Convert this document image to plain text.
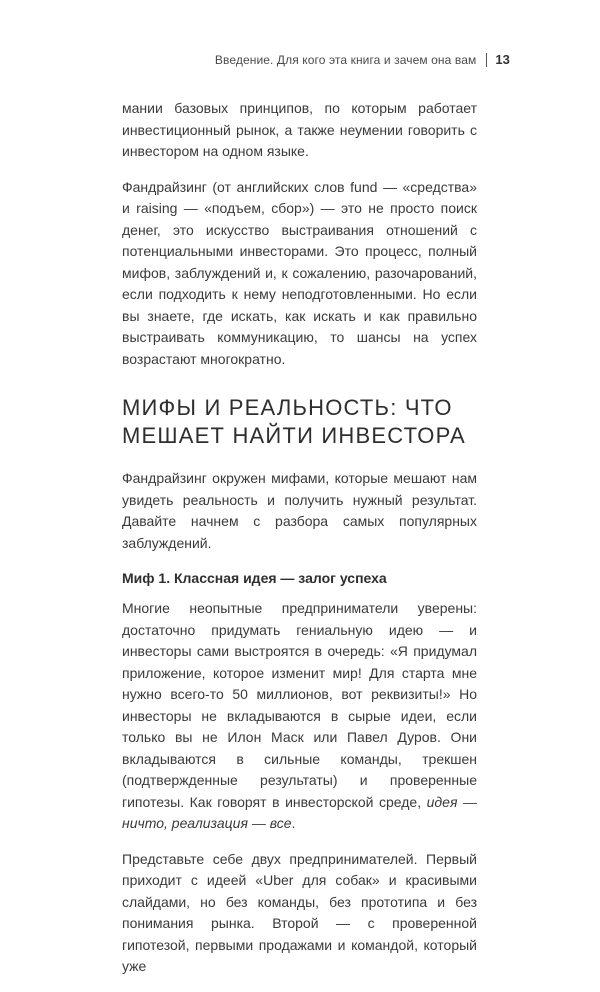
Введение. Для кого эта книга и зачем она вам 13

мании базовых принципов, по которым работает инвестиционный рынок, а также неумении говорить с инвестором на одном языке.

Фандрайзинг (от английских слов fund — «средства» и raising — «подъем, сбор») — это не просто поиск денег, это искусство выстраивания отношений с потенциальными инвесторами. Это процесс, полный мифов, заблуждений и, к сожалению, разочарований, если подходить к нему неподготовленными. Но если вы знаете, где искать, как искать и как правильно выстраивать коммуникацию, то шансы на успех возрастают многократно.

МИФЫ И РЕАЛЬНОСТЬ: ЧТО МЕШАЕТ НАЙТИ ИНВЕСТОРА

Фандрайзинг окружен мифами, которые мешают нам увидеть реальность и получить нужный результат. Давайте начнем с разбора самых популярных заблуждений.

Миф 1. Классная идея — залог успеха

Многие неопытные предприниматели уверены: достаточно придумать гениальную идею — и инвесторы сами выстроятся в очередь: «Я придумал приложение, которое изменит мир! Для старта мне нужно всего-то 50 миллионов, вот реквизиты!» Но инвесторы не вкладываются в сырые идеи, если только вы не Илон Маск или Павел Дуров. Они вкладываются в сильные команды, трекшен (подтвержденные результаты) и проверенные гипотезы. Как говорят в инвесторской среде, идея — ничто, реализация — все.

Представьте себе двух предпринимателей. Первый приходит с идеей «Uber для собак» и красивыми слайдами, но без команды, без прототипа и без понимания рынка. Второй — с проверенной гипотезой, первыми продажами и командой, который уже
